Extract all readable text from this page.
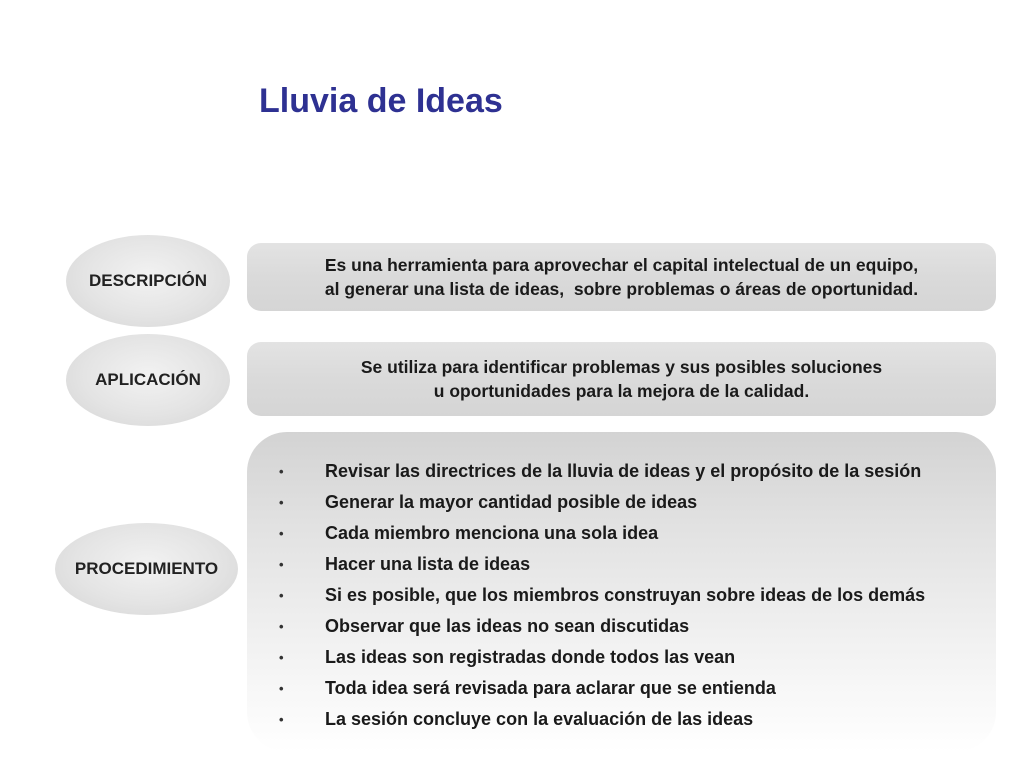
Lluvia de Ideas
DESCRIPCIÓN
Es una herramienta para aprovechar el capital intelectual de un equipo,
al generar una lista de ideas,  sobre problemas o áreas de oportunidad.
APLICACIÓN
Se utiliza para identificar problemas y sus posibles soluciones
u oportunidades para la mejora de la calidad.
PROCEDIMIENTO
• Revisar las directrices de la lluvia de ideas y el propósito de la sesión
• Generar la mayor cantidad posible de ideas
• Cada miembro menciona una sola idea
• Hacer una lista de ideas
• Si es posible, que los miembros construyan sobre ideas de los demás
• Observar que las ideas no sean discutidas
• Las ideas son registradas donde todos las vean
• Toda idea será revisada para aclarar que se entienda
• La sesión concluye con la evaluación de las ideas
